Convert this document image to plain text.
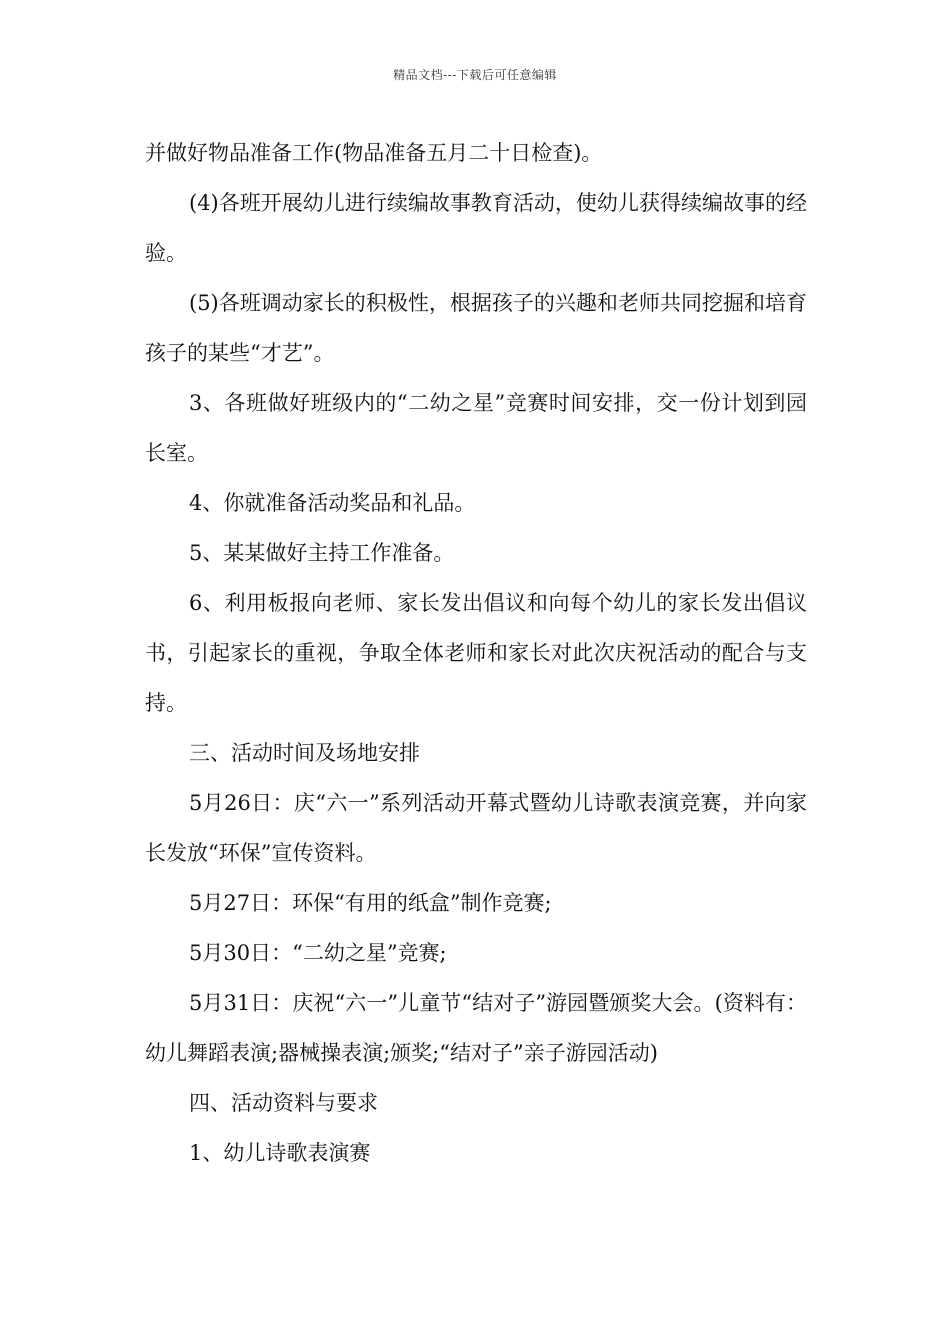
精品文档---下载后可任意编辑

并做好物品准备工作(物品准备五月二十日检查)。

(4)各班开展幼儿进行续编故事教育活动，使幼儿获得续编故事的经验。

(5)各班调动家长的积极性，根据孩子的兴趣和老师共同挖掘和培育孩子的某些“才艺”。

3、各班做好班级内的“二幼之星”竞赛时间安排，交一份计划到园长室。

4、你就准备活动奖品和礼品。

5、某某做好主持工作准备。

6、利用板报向老师、家长发出倡议和向每个幼儿的家长发出倡议书，引起家长的重视，争取全体老师和家长对此次庆祝活动的配合与支持。

三、活动时间及场地安排

5月26日：庆“六一”系列活动开幕式暨幼儿诗歌表演竞赛，并向家长发放“环保”宣传资料。

5月27日：环保“有用的纸盒”制作竞赛;

5月30日：“二幼之星”竞赛;

5月31日：庆祝“六一”儿童节“结对子”游园暨颁奖大会。(资料有：幼儿舞蹈表演;器械操表演;颁奖;“结对子”亲子游园活动)

四、活动资料与要求

1、幼儿诗歌表演赛
